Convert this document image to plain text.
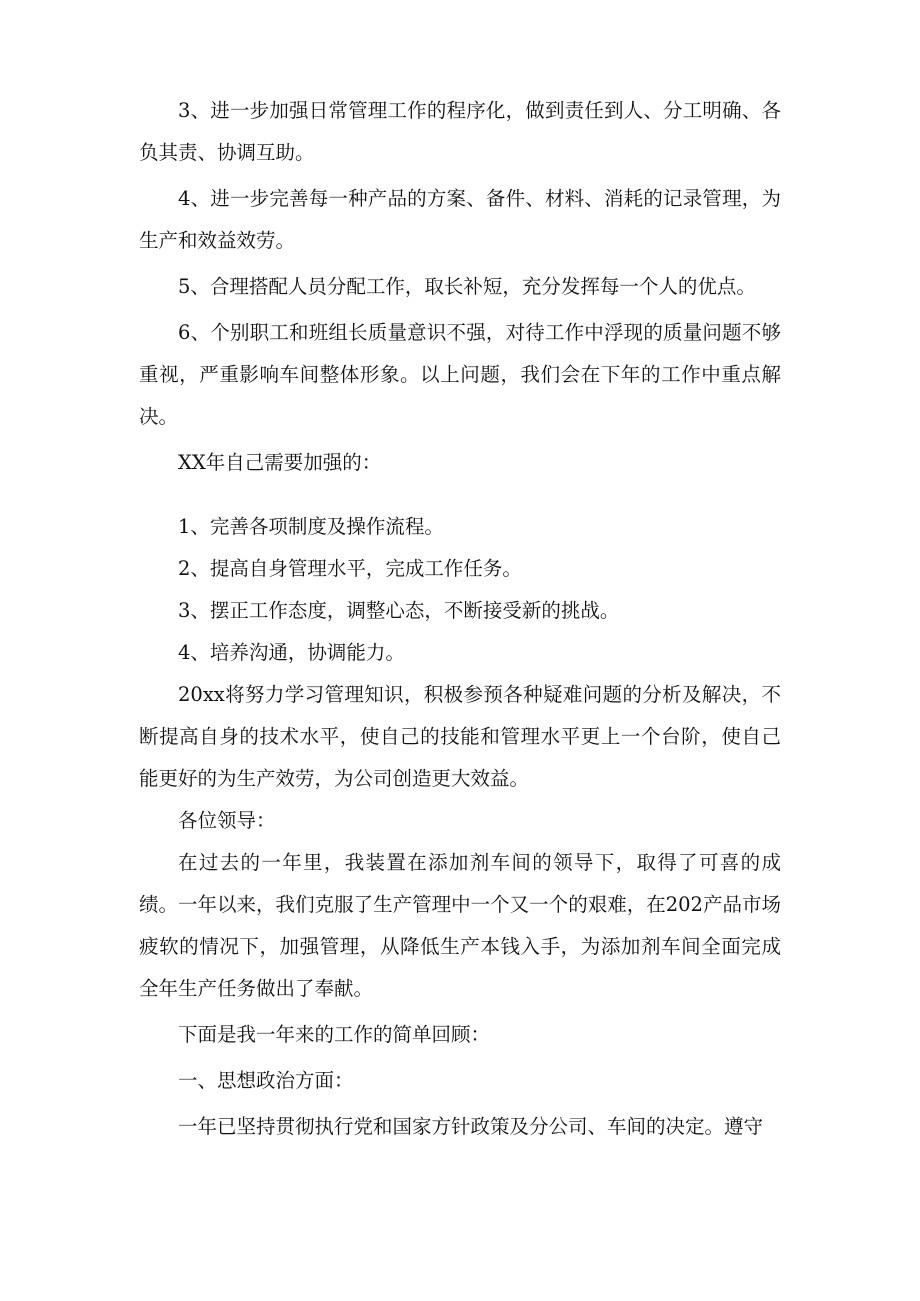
3、进一步加强日常管理工作的程序化，做到责任到人、分工明确、各负其责、协调互助。

4、进一步完善每一种产品的方案、备件、材料、消耗的记录管理，为生产和效益效劳。

5、合理搭配人员分配工作，取长补短，充分发挥每一个人的优点。

6、个别职工和班组长质量意识不强，对待工作中浮现的质量问题不够重视，严重影响车间整体形象。以上问题，我们会在下年的工作中重点解决。

XX年自己需要加强的：

1、完善各项制度及操作流程。

2、提高自身管理水平，完成工作任务。

3、摆正工作态度，调整心态，不断接受新的挑战。

4、培养沟通，协调能力。

20xx将努力学习管理知识，积极参预各种疑难问题的分析及解决，不断提高自身的技术水平，使自己的技能和管理水平更上一个台阶，使自己能更好的为生产效劳，为公司创造更大效益。

各位领导：

在过去的一年里，我装置在添加剂车间的领导下，取得了可喜的成绩。一年以来，我们克服了生产管理中一个又一个的艰难，在202产品市场疲软的情况下，加强管理，从降低生产本钱入手，为添加剂车间全面完成全年生产任务做出了奉献。

下面是我一年来的工作的简单回顾：

一、思想政治方面：

一年已坚持贯彻执行党和国家方针政策及分公司、车间的决定。遵守
